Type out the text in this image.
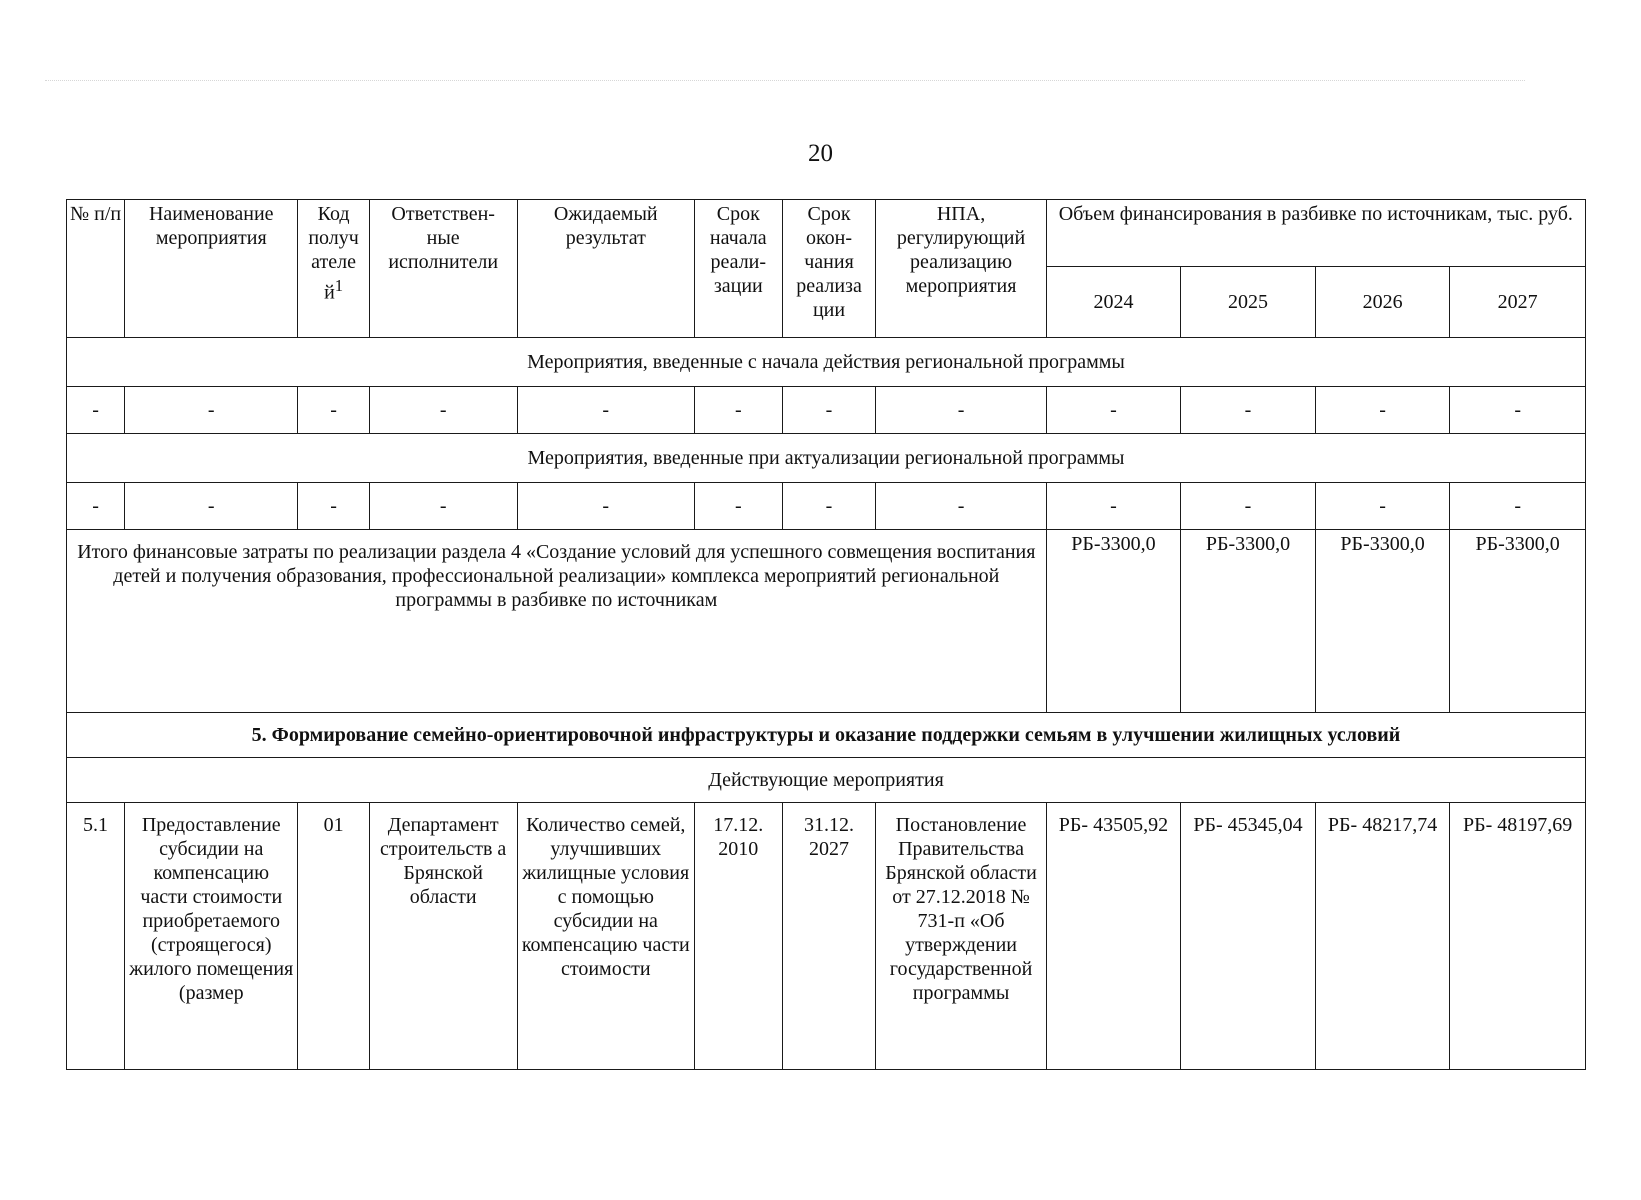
20
№ п/п	Наименование мероприятия	Код получ ателе $й^1$	Ответствен- ные исполнители	Ожидаемый результат	Срок начала реали- зации	Срок окон- чания реализа ции	НПА, регулирующий реализацию мероприятия	Объем финансирования в разбивке по источникам, тыс. руб.			
								2024	2025	2026	2027
Мероприятия, введенные с начала действия региональной программы											
-	-	-	-	-	-	-	-	-	-	-	-
Мероприятия, введенные при актуализации региональной программы											
-	-	-	-	-	-	-	-	-	-	-	-
Итого финансовые затраты по реализации раздела 4 «Создание условий для успешного совмещения воспитания детей и получения образования, профессиональной реализации» комплекса мероприятий региональной программы в разбивке по источникам								РБ-3300,0	РБ-3300,0	РБ-3300,0	РБ-3300,0
5. Формирование семейно-ориентировочной инфраструктуры и оказание поддержки семьям в улучшении жилищных условий											
Действующие мероприятия											
5.1	Предоставление субсидии на компенсацию части стоимости приобретаемого (строящегося) жилого помещения (размер	01	Департамент строительств а Брянской области	Количество семей, улучшивших жилищные условия с помощью субсидии на компенсацию части стоимости	17.12. 2010	31.12. 2027	Постановление Правительства Брянской области от 27.12.2018 № 731-п «Об утверждении государственной программы	РБ- 43505,92	РБ- 45345,04	РБ- 48217,74	РБ- 48197,69
